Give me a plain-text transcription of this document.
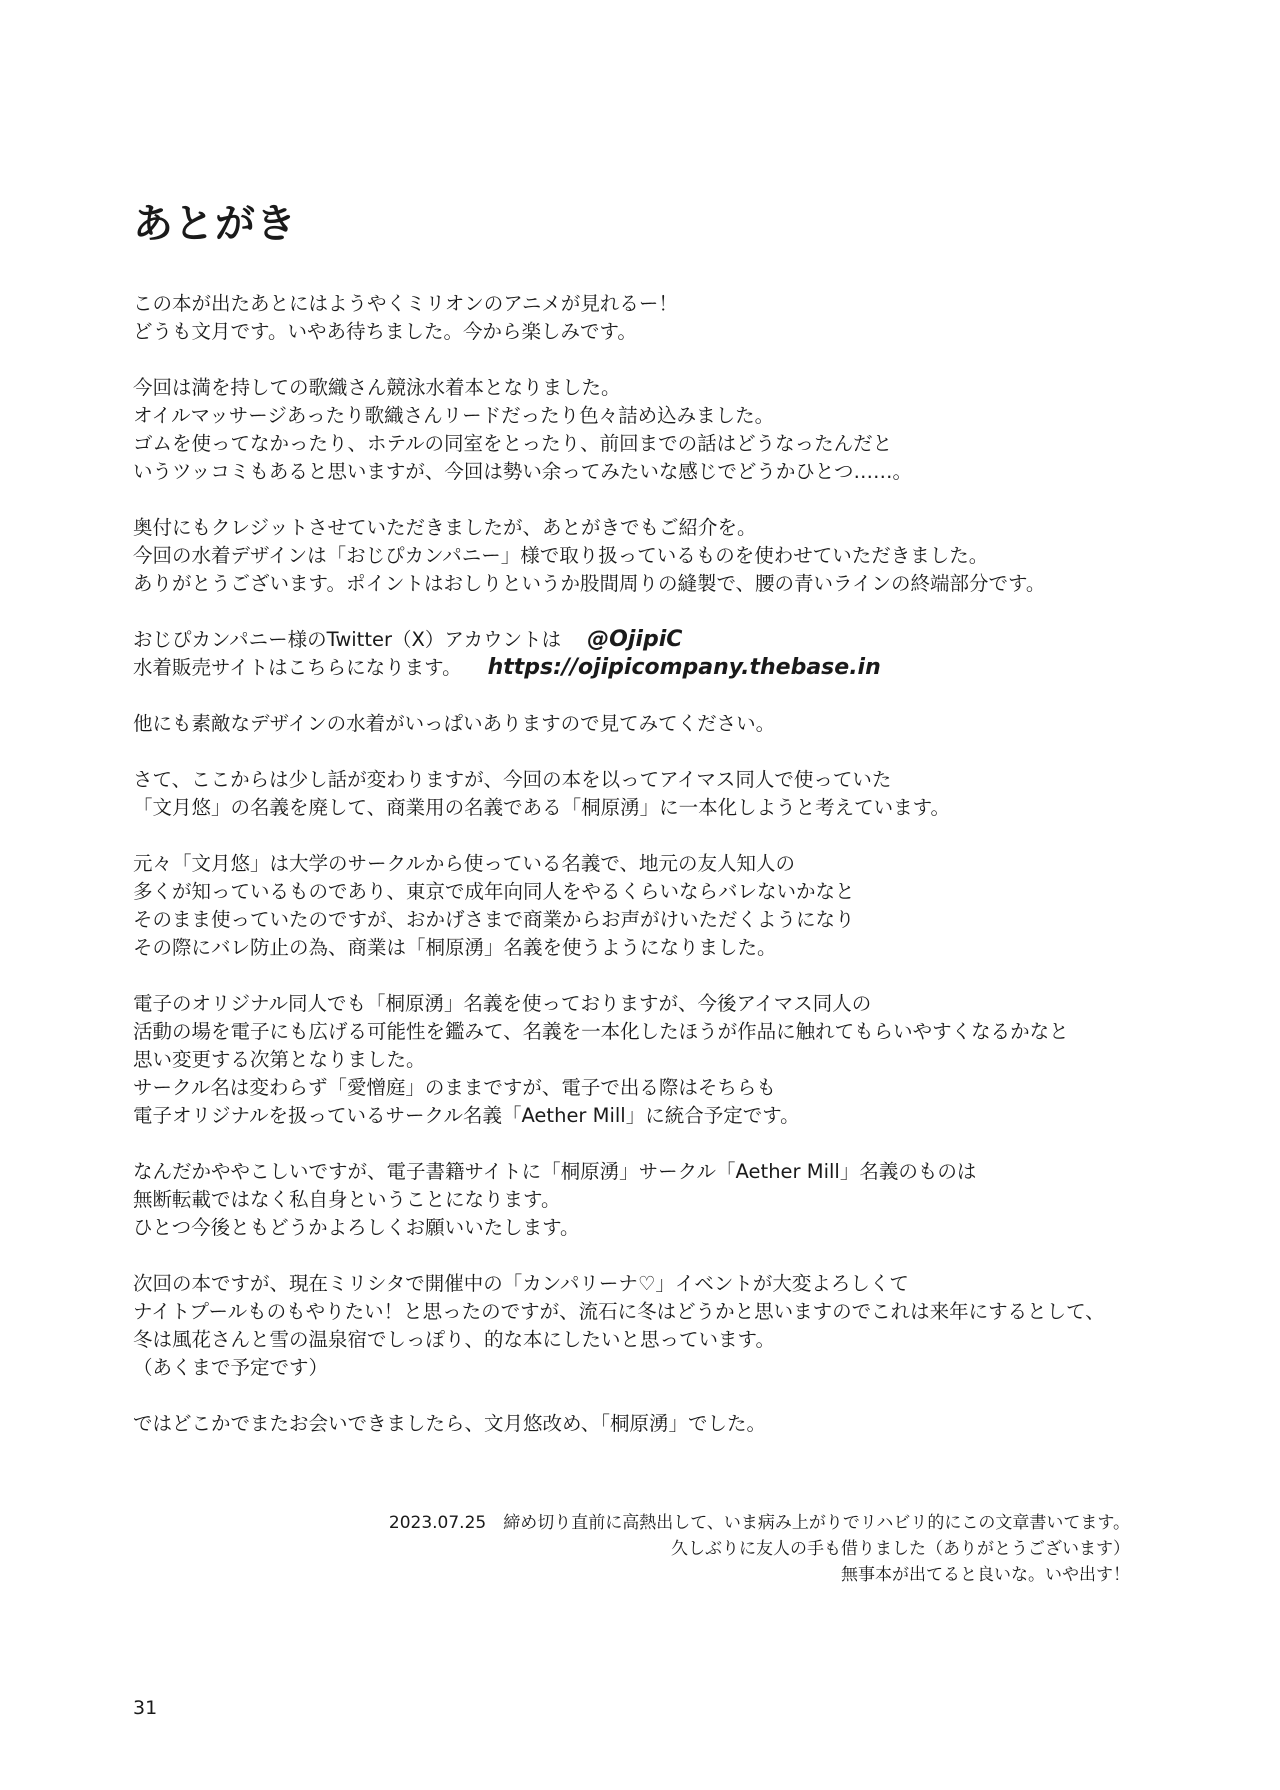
あとがき

この本が出たあとにはようやくミリオンのアニメが見れるー！
どうも文月です。いやあ待ちました。今から楽しみです。

今回は満を持しての歌織さん競泳水着本となりました。
オイルマッサージあったり歌織さんリードだったり色々詰め込みました。
ゴムを使ってなかったり、ホテルの同室をとったり、前回までの話はどうなったんだと
いうツッコミもあると思いますが、今回は勢い余ってみたいな感じでどうかひとつ……。

奥付にもクレジットさせていただきましたが、あとがきでもご紹介を。
今回の水着デザインは「おじぴカンパニー」様で取り扱っているものを使わせていただきました。
ありがとうございます。ポイントはおしりというか股間周りの縫製で、腰の青いラインの終端部分です。

おじぴカンパニー様のTwitter（X）アカウントは @OjipiC
水着販売サイトはこちらになります。 https://ojipicompany.thebase.in

他にも素敵なデザインの水着がいっぱいありますので見てみてください。

さて、ここからは少し話が変わりますが、今回の本を以ってアイマス同人で使っていた
「文月悠」の名義を廃して、商業用の名義である「桐原湧」に一本化しようと考えています。

元々「文月悠」は大学のサークルから使っている名義で、地元の友人知人の
多くが知っているものであり、東京で成年向同人をやるくらいならバレないかなと
そのまま使っていたのですが、おかげさまで商業からお声がけいただくようになり
その際にバレ防止の為、商業は「桐原湧」名義を使うようになりました。

電子のオリジナル同人でも「桐原湧」名義を使っておりますが、今後アイマス同人の
活動の場を電子にも広げる可能性を鑑みて、名義を一本化したほうが作品に触れてもらいやすくなるかなと
思い変更する次第となりました。
サークル名は変わらず「愛憎庭」のままですが、電子で出る際はそちらも
電子オリジナルを扱っているサークル名義「Aether Mill」に統合予定です。

なんだかややこしいですが、電子書籍サイトに「桐原湧」サークル「Aether Mill」名義のものは
無断転載ではなく私自身ということになります。
ひとつ今後ともどうかよろしくお願いいたします。

次回の本ですが、現在ミリシタで開催中の「カンパリーナ♡」イベントが大変よろしくて
ナイトプールものもやりたい！と思ったのですが、流石に冬はどうかと思いますのでこれは来年にするとして、
冬は風花さんと雪の温泉宿でしっぽり、的な本にしたいと思っています。
（あくまで予定です）

ではどこかでまたお会いできましたら、文月悠改め、「桐原湧」でした。

2023.07.25　締め切り直前に高熱出して、いま病み上がりでリハビリ的にこの文章書いてます。
久しぶりに友人の手も借りました（ありがとうございます）
無事本が出てると良いな。いや出す！
31
